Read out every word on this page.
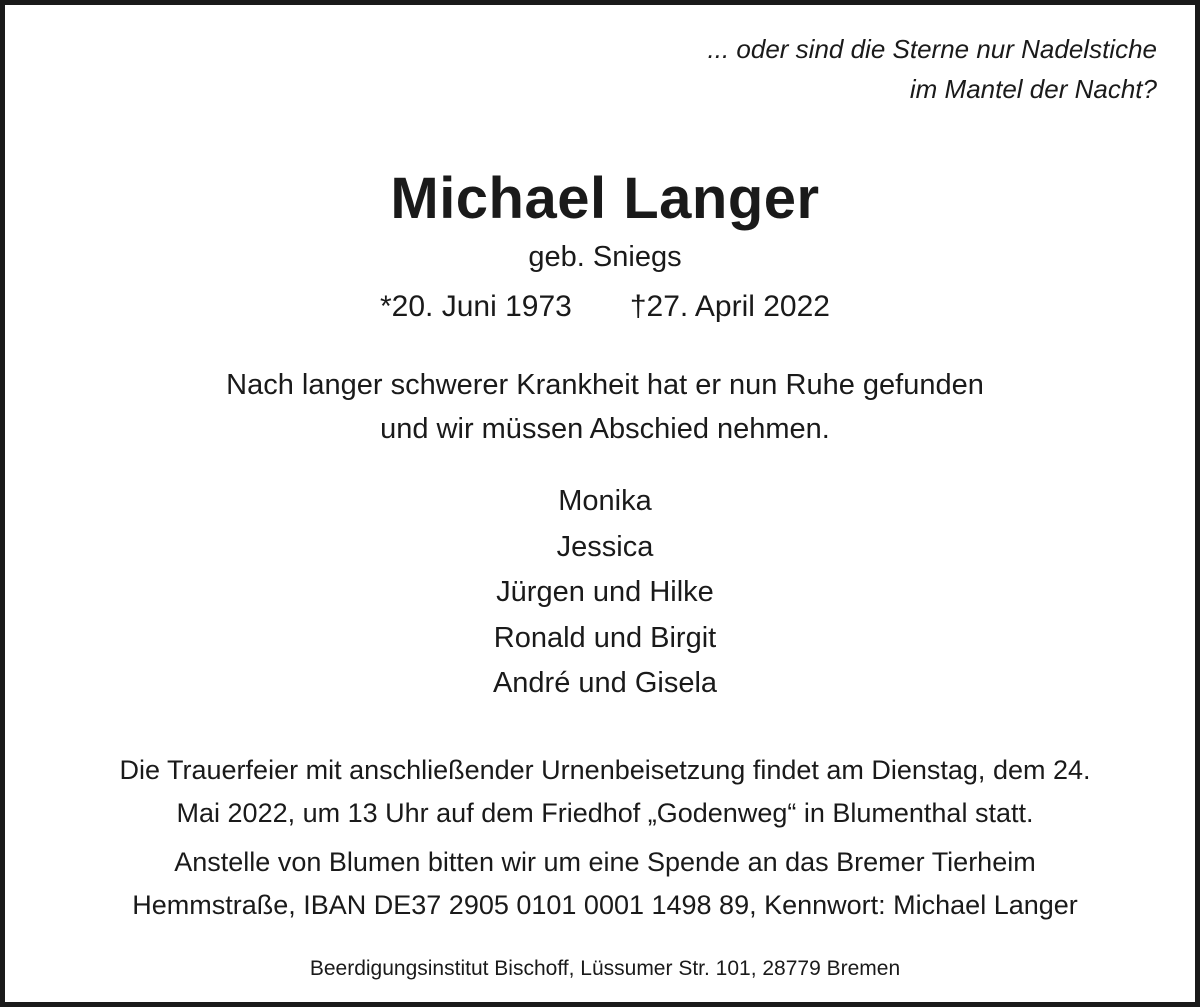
... oder sind die Sterne nur Nadelstiche
im Mantel der Nacht?
Michael Langer
geb. Sniegs
*20. Juni 1973 †27. April 2022
Nach langer schwerer Krankheit hat er nun Ruhe gefunden
und wir müssen Abschied nehmen.
Monika
Jessica
Jürgen und Hilke
Ronald und Birgit
André und Gisela
Die Trauerfeier mit anschließender Urnenbeisetzung findet am Dienstag, dem 24.
Mai 2022, um 13 Uhr auf dem Friedhof „Godenweg“ in Blumenthal statt.
Anstelle von Blumen bitten wir um eine Spende an das Bremer Tierheim
Hemmstraße, IBAN DE37 2905 0101 0001 1498 89, Kennwort: Michael Langer
Beerdigungsinstitut Bischoff, Lüssumer Str. 101, 28779 Bremen
